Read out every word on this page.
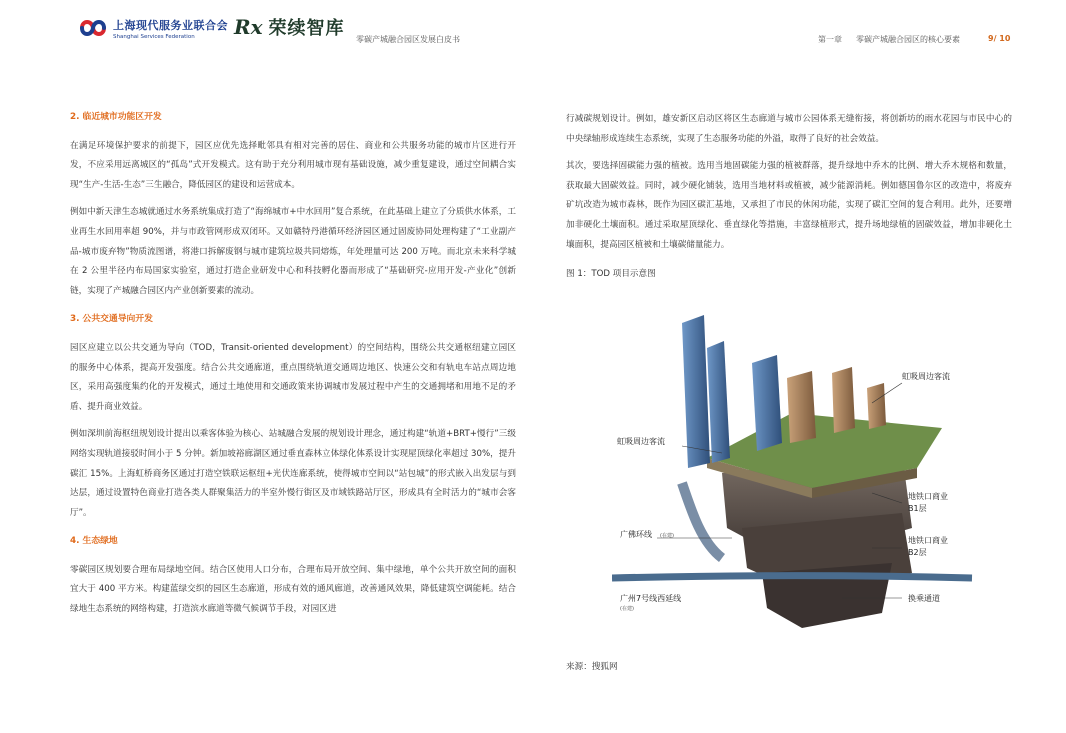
上海现代服务业联合会
Shanghai Services Federation	Rx 荣续智库
零碳产城融合园区发展白皮书	第一章 零碳产城融合园区的核心要素	9/ 10

2. 临近城市功能区开发

在满足环境保护要求的前提下，园区应优先选择毗邻具有相对完善的居住、商业和公共服务功能的城市片区进行开发，不应采用远离城区的“孤岛”式开发模式。这有助于充分利用城市现有基础设施，减少重复建设，通过空间耦合实现“生产-生活-生态”三生融合，降低园区的建设和运营成本。

例如中新天津生态城就通过水务系统集成打造了“海绵城市+中水回用”复合系统，在此基础上建立了分质供水体系，工业再生水回用率超 90%，并与市政管网形成双闭环。又如赣特丹港循环经济园区通过固废协同处理构建了“工业副产品-城市废弃物”物质流图谱，将港口拆解废钢与城市建筑垃圾共同熔炼，年处理量可达 200 万吨。而北京未来科学城在 2 公里半径内布局国家实验室，通过打造企业研发中心和科技孵化器而形成了“基础研究-应用开发-产业化”创新链，实现了产城融合园区内产业创新要素的流动。

3. 公共交通导向开发

园区应建立以公共交通为导向（TOD，Transit-oriented development）的空间结构，围绕公共交通枢纽建立园区的服务中心体系，提高开发强度。结合公共交通廊道，重点围绕轨道交通周边地区、快速公交和有轨电车站点周边地区，采用高强度集约化的开发模式，通过土地使用和交通政策来协调城市发展过程中产生的交通拥堵和用地不足的矛盾、提升商业效益。

例如深圳前海枢纽规划设计提出以乘客体验为核心、站城融合发展的规划设计理念，通过构建“轨道+BRT+慢行”三级网络实现轨道接驳时间小于 5 分钟。新加坡裕廊湖区通过垂直森林立体绿化体系设计实现屋顶绿化率超过 30%，提升碳汇 15%。上海虹桥商务区通过打造空铁联运枢纽+光伏连廊系统，使得城市空间以“站包城”的形式嵌入出发层与到达层，通过设置特色商业打造各类人群聚集活力的半室外慢行街区及市域铁路站厅区，形成具有全时活力的“城市会客厅”。

4. 生态绿地

零碳园区规划要合理布局绿地空间。结合区使用人口分布，合理布局开放空间、集中绿地，单个公共开放空间的面积宜大于 400 平方米。构建蓝绿交织的园区生态廊道，形成有效的通风廊道，改善通风效果，降低建筑空调能耗。结合绿地生态系统的网络构建，打造滨水廊道等微气候调节手段，对园区进

行减碳规划设计。例如，雄安新区启动区将区生态廊道与城市公园体系无缝衔接，将创新坊的雨水花园与市民中心的中央绿轴形成连续生态系统，实现了生态服务功能的外溢，取得了良好的社会效益。

其次，要选择固碳能力强的植被。选用当地固碳能力强的植被群落，提升绿地中乔木的比例、增大乔木规格和数量，获取最大固碳效益。同时，减少硬化铺装，选用当地材料或植被，减少能源消耗。例如德国鲁尔区的改造中，将废弃矿坑改造为城市森林，既作为园区碳汇基地，又承担了市民的休闲功能，实现了碳汇空间的复合利用。此外，还要增加非硬化土壤面积。通过采取屋顶绿化、垂直绿化等措施，丰富绿植形式，提升场地绿植的固碳效益，增加非硬化土壤面积，提高园区植被和土壤碳储量能力。

图 1：TOD 项目示意图

虹吸周边客流
虹吸周边客流
地铁口商业
B1层
广佛环线 (在建)	地铁口商业
B2层
广州7号线西延线
(在建)
换乘通道
来源：搜狐网
